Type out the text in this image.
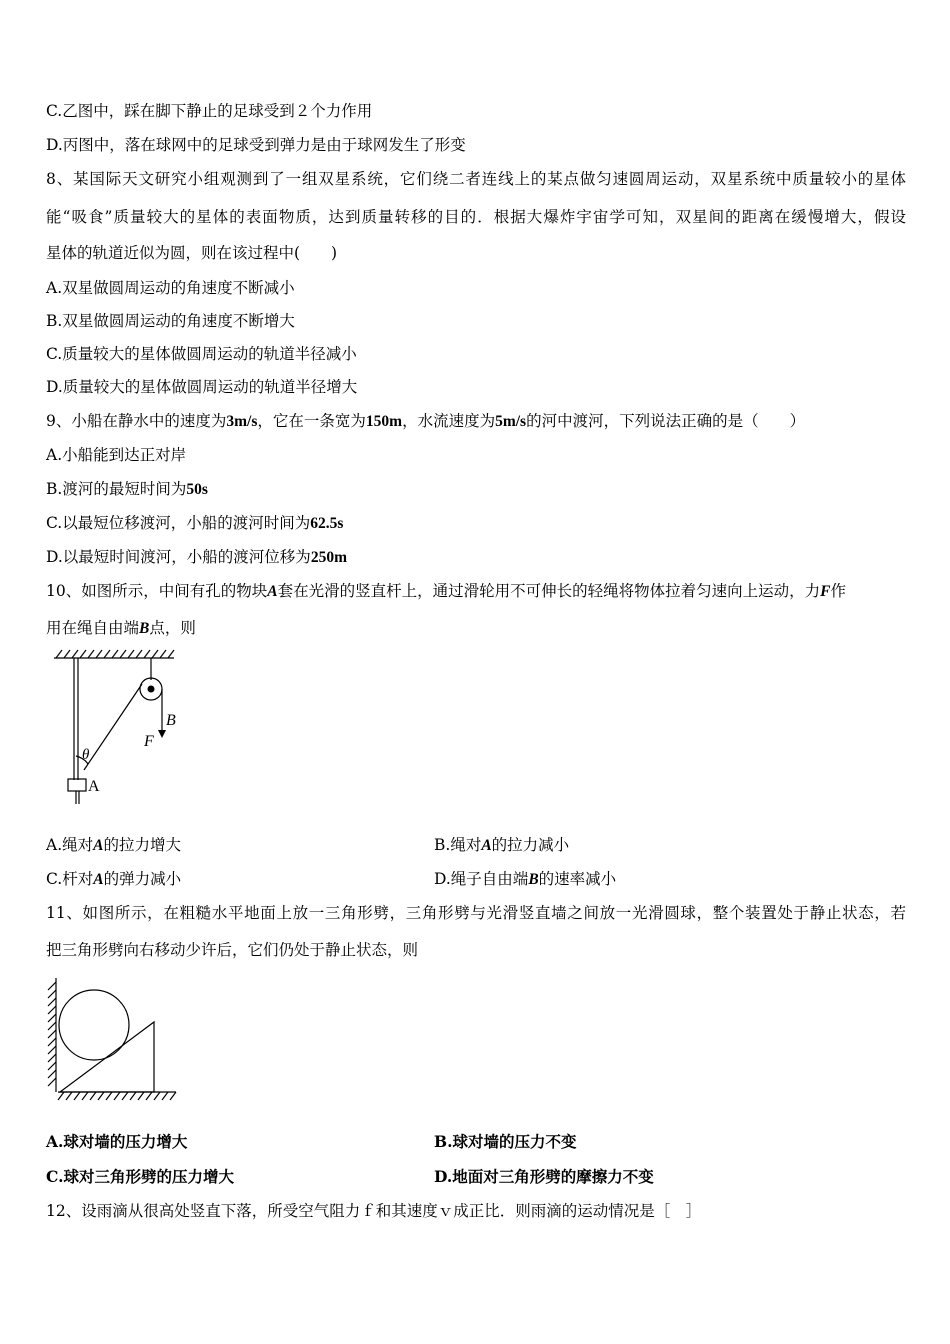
C.乙图中，踩在脚下静止的足球受到２个力作用
D.丙图中，落在球网中的足球受到弹力是由于球网发生了形变
8、某国际天文研究小组观测到了一组双星系统，它们绕二者连线上的某点做匀速圆周运动，双星系统中质量较小的星体
能“吸食”质量较大的星体的表面物质，达到质量转移的目的．根据大爆炸宇宙学可知，双星间的距离在缓慢增大，假设
星体的轨道近似为圆，则在该过程中(　　)
A.双星做圆周运动的角速度不断减小
B.双星做圆周运动的角速度不断增大
C.质量较大的星体做圆周运动的轨道半径减小
D.质量较大的星体做圆周运动的轨道半径增大
9、小船在静水中的速度为3m/s，它在一条宽为150m，水流速度为5m/s的河中渡河，下列说法正确的是（　　）
A.小船能到达正对岸
B.渡河的最短时间为50s
C.以最短位移渡河，小船的渡河时间为62.5s
D.以最短时间渡河，小船的渡河位移为250m
10、如图所示，中间有孔的物块A套在光滑的竖直杆上，通过滑轮用不可伸长的轻绳将物体拉着匀速向上运动，力F作
用在绳自由端B点，则
B
F
θ
A
A.绳对A的拉力增大	B.绳对A的拉力减小
C.杆对A的弹力减小	D.绳子自由端B的速率减小
11、如图所示，在粗糙水平地面上放一三角形劈，三角形劈与光滑竖直墙之间放一光滑圆球，整个装置处于静止状态，若
把三角形劈向右移动少许后，它们仍处于静止状态，则
A.球对墙的压力增大	B.球对墙的压力不变
C.球对三角形劈的压力增大	D.地面对三角形劈的摩擦力不变
12、设雨滴从很高处竖直下落，所受空气阻力ｆ和其速度ｖ成正比．则雨滴的运动情况是［　］
